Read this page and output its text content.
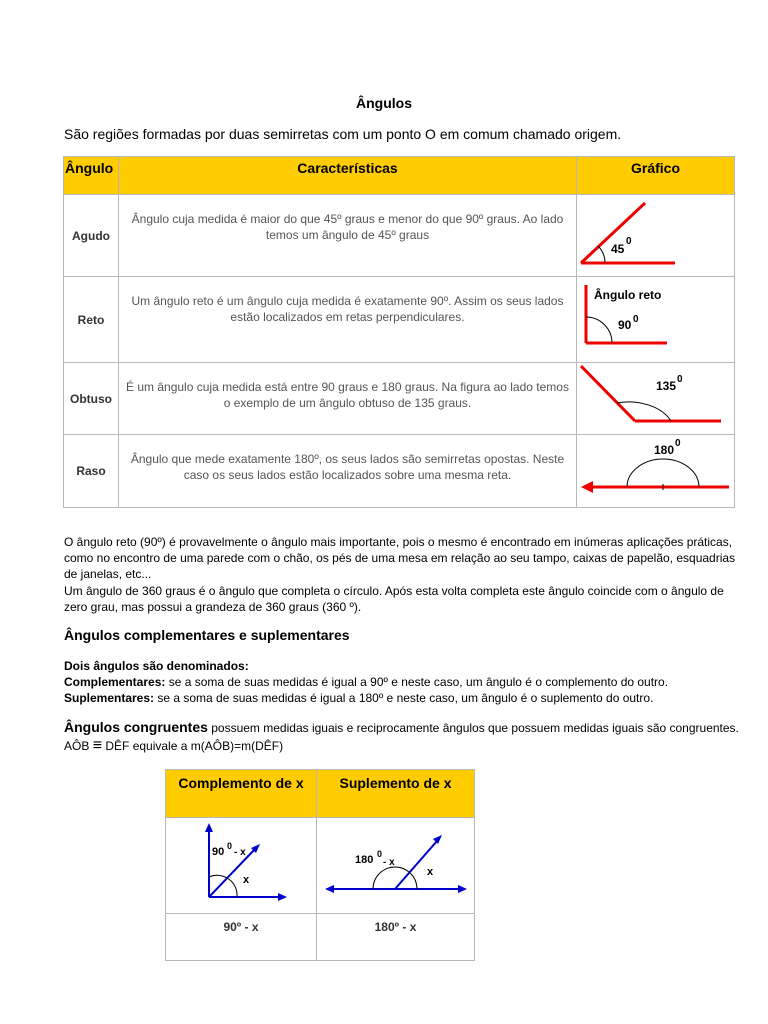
Ângulos
São regiões formadas por duas semirretas com um ponto O em comum chamado origem.
Ângulo	Características	Gráfico
Agudo	Ângulo cuja medida é maior do que 45º graus e menor do que 90º graus. Ao lado temos um ângulo de 45º graus	45
0

Reto	Um ângulo reto é um ângulo cuja medida é exatamente 90º. Assim os seus lados estão localizados em retas perpendiculares.	Ângulo reto
90 0

Obtuso	É um ângulo cuja medida está entre 90 graus e 180 graus. Na figura ao lado temos o exemplo de um ângulo obtuso de 135 graus.	135 0

Raso	Ângulo que mede exatamente 180º, os seus lados são semirretas opostas. Neste caso os seus lados estão localizados sobre uma mesma reta.	180 0
O ângulo reto (90º) é provavelmente o ângulo mais importante, pois o mesmo é encontrado em inúmeras aplicações práticas, como no encontro de uma parede com o chão, os pés de uma mesa em relação ao seu tampo, caixas de papelão, esquadrias de janelas, etc...
Um ângulo de 360 graus é o ângulo que completa o círculo. Após esta volta completa este ângulo coincide com o ângulo de zero grau, mas possui a grandeza de 360 graus (360 º).
Ângulos complementares e suplementares
Dois ângulos são denominados:
Complementares: se a soma de suas medidas é igual a 90º e neste caso, um ângulo é o complemento do outro.
Suplementares: se a soma de suas medidas é igual a 180º e neste caso, um ângulo é o suplemento do outro.
Ângulos congruentes possuem medidas iguais e reciprocamente ângulos que possuem medidas iguais são congruentes. AÔB ≡ DÊF equivale a m(AÔB)=m(DÊF)
Complemento de x	Suplemento de x

90 0
- x
x	180 0
- x
x

90º - x	180º - x
